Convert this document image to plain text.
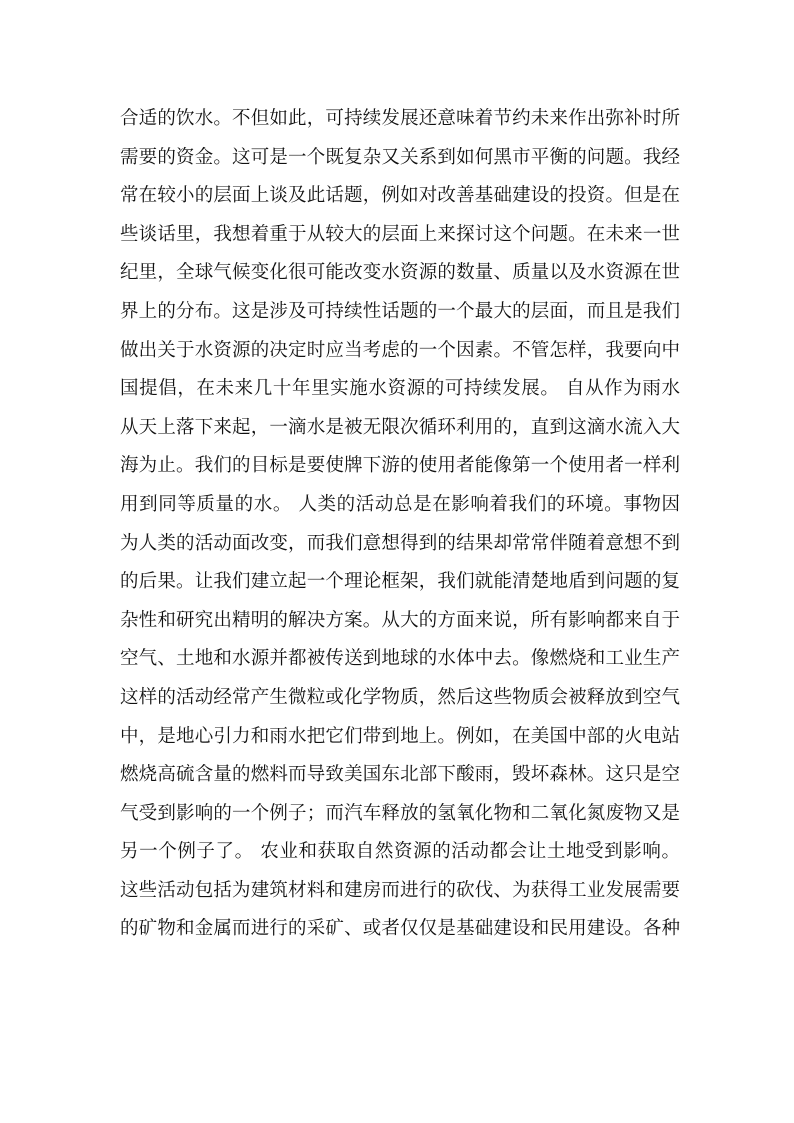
合适的饮水。不但如此，可持续发展还意味着节约未来作出弥补时所
需要的资金。这可是一个既复杂又关系到如何黑市平衡的问题。我经
常在较小的层面上谈及此话题，例如对改善基础建设的投资。但是在
些谈话里，我想着重于从较大的层面上来探讨这个问题。在未来一世
纪里，全球气候变化很可能改变水资源的数量、质量以及水资源在世
界上的分布。这是涉及可持续性话题的一个最大的层面，而且是我们
做出关于水资源的决定时应当考虑的一个因素。不管怎样，我要向中
国提倡，在未来几十年里实施水资源的可持续发展。 自从作为雨水
从天上落下来起，一滴水是被无限次循环利用的，直到这滴水流入大
海为止。我们的目标是要使牌下游的使用者能像第一个使用者一样利
用到同等质量的水。 人类的活动总是在影响着我们的环境。事物因
为人类的活动面改变，而我们意想得到的结果却常常伴随着意想不到
的后果。让我们建立起一个理论框架，我们就能清楚地盾到问题的复
杂性和研究出精明的解决方案。从大的方面来说，所有影响都来自于
空气、土地和水源并都被传送到地球的水体中去。像燃烧和工业生产
这样的活动经常产生微粒或化学物质，然后这些物质会被释放到空气
中，是地心引力和雨水把它们带到地上。例如，在美国中部的火电站
燃烧高硫含量的燃料而导致美国东北部下酸雨，毁坏森林。这只是空
气受到影响的一个例子；而汽车释放的氢氧化物和二氧化氮废物又是
另一个例子了。 农业和获取自然资源的活动都会让土地受到影响。
这些活动包括为建筑材料和建房而进行的砍伐、为获得工业发展需要
的矿物和金属而进行的采矿、或者仅仅是基础建设和民用建设。各种
